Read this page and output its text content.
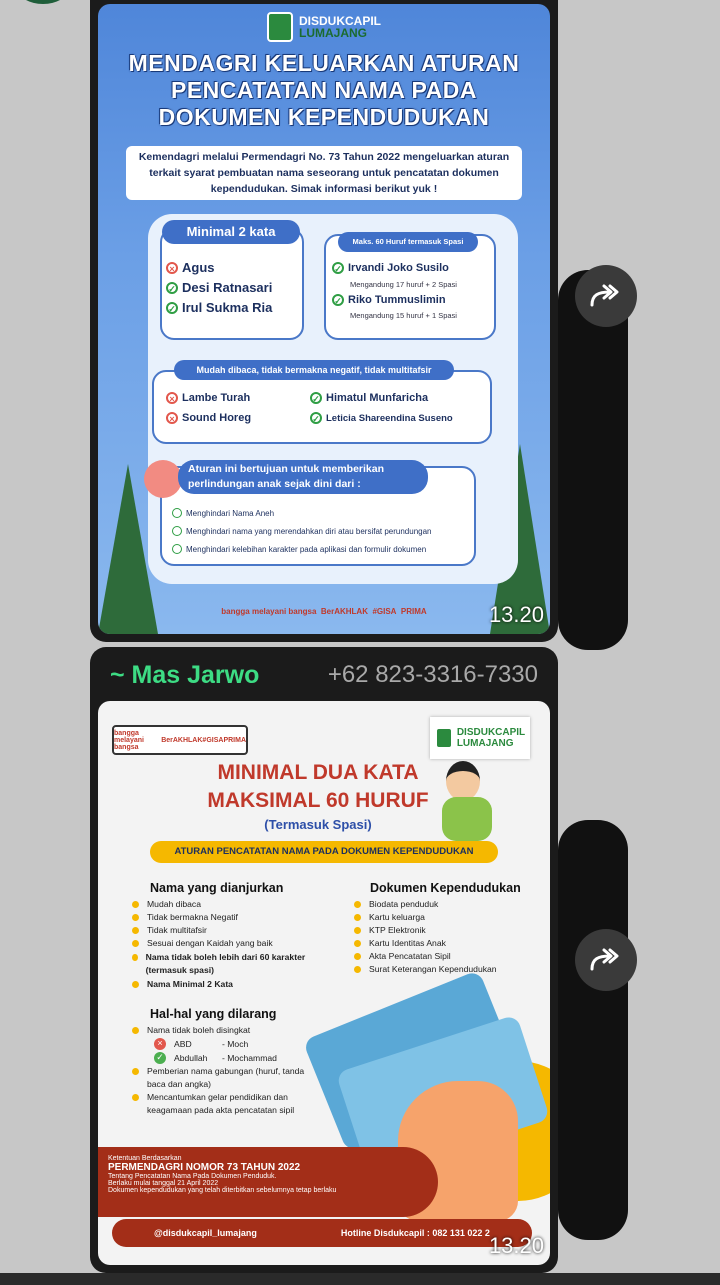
DISDUKCAPIL
LUMAJANG
MENDAGRI KELUARKAN ATURAN PENCATATAN NAMA PADA DOKUMEN KEPENDUDUKAN
Kemendagri melalui Permendagri No. 73 Tahun 2022 mengeluarkan aturan terkait syarat pembuatan nama seseorang untuk pencatatan dokumen kependudukan. Simak informasi berikut yuk !
Minimal 2 kata
× Agus
✓ Desi Ratnasari
✓ Irul Sukma Ria
Maks. 60 Huruf termasuk Spasi
✓ Irvandi Joko Susilo
Mengandung 17 huruf + 2 Spasi
✓ Riko Tummuslimin
Mengandung 15 huruf + 1 Spasi
Mudah dibaca, tidak bermakna negatif, tidak multitafsir
× Lambe Turah
× Sound Horeg
✓ Himatul Munfaricha
✓ Leticia Shareendina Suseno
Aturan ini bertujuan untuk memberikan perlindungan anak sejak dini dari :
Menghindari Nama Aneh
Menghindari nama yang merendahkan diri atau bersifat perundungan
Menghindari kelebihan karakter pada aplikasi dan formulir dokumen
bangga melayani bangsa BerAKHLAK #GISA PRIMA	13.20
~ Mas Jarwo	+62 823-3316-7330
bangga melayani bangsa
BerAKHLAK #GISA PRIMA
DISDUKCAPIL
LUMAJANG
MINIMAL DUA KATA
MAKSIMAL 60 HURUF
(Termasuk Spasi)
ATURAN PENCATATAN NAMA PADA DOKUMEN KEPENDUDUKAN
Nama yang dianjurkan
Mudah dibaca
Tidak bermakna Negatif
Tidak multitafsir
Sesuai dengan Kaidah yang baik
Nama tidak boleh lebih dari 60 karakter (termasuk spasi)
Nama Minimal 2 Kata
Dokumen Kependudukan
Biodata penduduk
Kartu keluarga
KTP Elektronik
Kartu Identitas Anak
Akta Pencatatan Sipil
Surat Keterangan Kependudukan
Hal-hal yang dilarang
Nama tidak boleh disingkat
×	ABD	- Moch
✓ Abdullah	- Mochammad
Pemberian nama gabungan (huruf, tanda baca dan angka)
Mencantumkan gelar pendidikan dan keagamaan pada akta pencatatan sipil
Ketentuan Berdasarkan
PERMENDAGRI NOMOR 73 TAHUN 2022
Tentang Pencatatan Nama Pada Dokumen Penduduk.
Berlaku mulai tanggal 21 April 2022
Dokumen kependudukan yang telah diterbitkan sebelumnya tetap berlaku
@disdukcapil_lumajang	Hotline Disdukcapil : 082 131 022 2
13.20
